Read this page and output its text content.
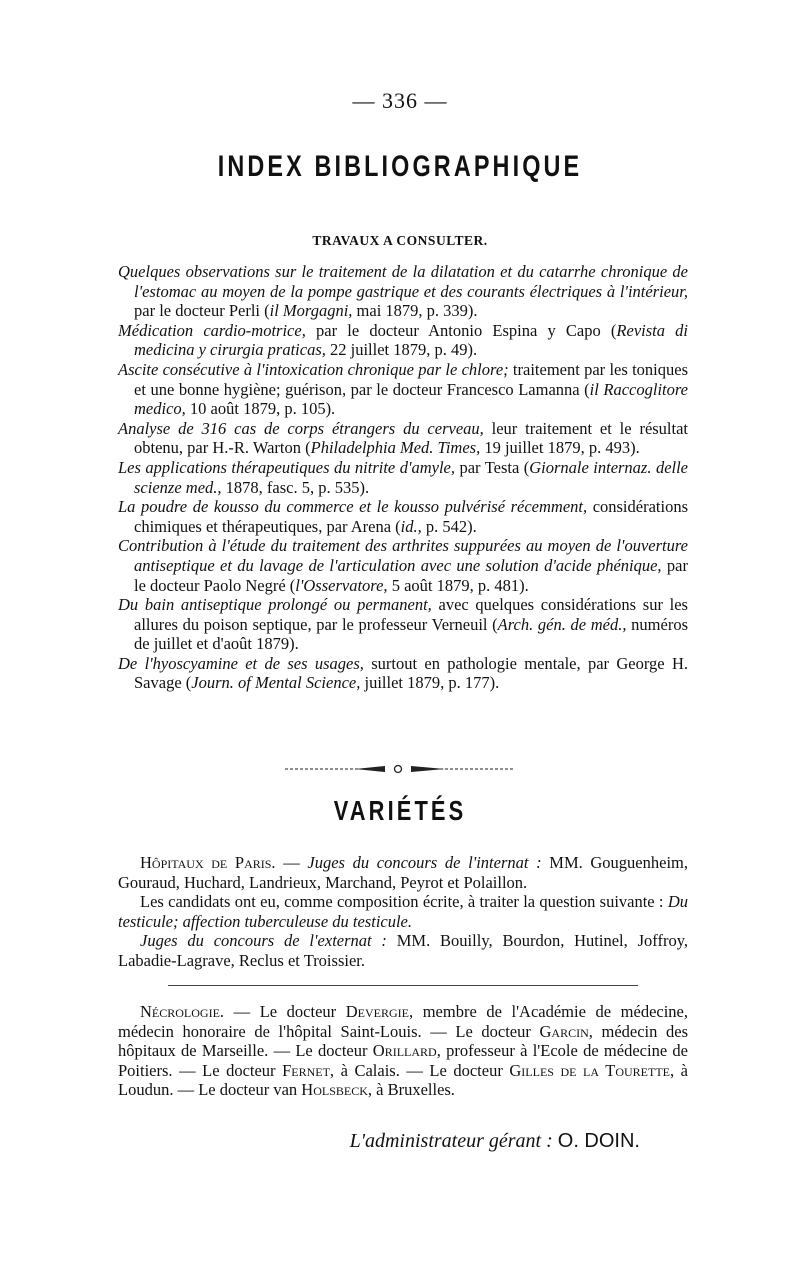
— 336 —
INDEX BIBLIOGRAPHIQUE
TRAVAUX A CONSULTER.

Quelques observations sur le traitement de la dilatation et du catarrhe chronique de l'estomac au moyen de la pompe gastrique et des courants électriques à l'intérieur, par le docteur Perli (il Morgagni, mai 1879, p. 339).

Médication cardio-motrice, par le docteur Antonio Espina y Capo (Revista di medicina y cirurgia praticas, 22 juillet 1879, p. 49).

Ascite consécutive à l'intoxication chronique par le chlore; traitement par les toniques et une bonne hygiène; guérison, par le docteur Francesco Lamanna (il Raccoglitore medico, 10 août 1879, p. 105).

Analyse de 316 cas de corps étrangers du cerveau, leur traitement et le résultat obtenu, par H.-R. Warton (Philadelphia Med. Times, 19 juillet 1879, p. 493).

Les applications thérapeutiques du nitrite d'amyle, par Testa (Giornale internaz. delle scienze med., 1878, fasc. 5, p. 535).

La poudre de kousso du commerce et le kousso pulvérisé récemment, considérations chimiques et thérapeutiques, par Arena (id., p. 542).

Contribution à l'étude du traitement des arthrites suppurées au moyen de l'ouverture antiseptique et du lavage de l'articulation avec une solution d'acide phénique, par le docteur Paolo Negré (l'Osservatore, 5 août 1879, p. 481).

Du bain antiseptique prolongé ou permanent, avec quelques considérations sur les allures du poison septique, par le professeur Verneuil (Arch. gén. de méd., numéros de juillet et d'août 1879).

De l'hyoscyamine et de ses usages, surtout en pathologie mentale, par George H. Savage (Journ. of Mental Science, juillet 1879, p. 177).

VARIÉTÉS

Hôpitaux de Paris. — Juges du concours de l'internat : MM. Gouguenheim, Gouraud, Huchard, Landrieux, Marchand, Peyrot et Polaillon.

Les candidats ont eu, comme composition écrite, à traiter la question suivante : Du testicule; affection tuberculeuse du testicule.

Juges du concours de l'externat : MM. Bouilly, Bourdon, Hutinel, Joffroy, Labadie-Lagrave, Reclus et Troissier.

Nécrologie. — Le docteur Devergie, membre de l'Académie de médecine, médecin honoraire de l'hôpital Saint-Louis. — Le docteur Garcin, médecin des hôpitaux de Marseille. — Le docteur Orillard, professeur à l'Ecole de médecine de Poitiers. — Le docteur Fernet, à Calais. — Le docteur Gilles de la Tourette, à Loudun. — Le docteur van Holsbeck, à Bruxelles.

L'administrateur gérant : O. DOIN.
